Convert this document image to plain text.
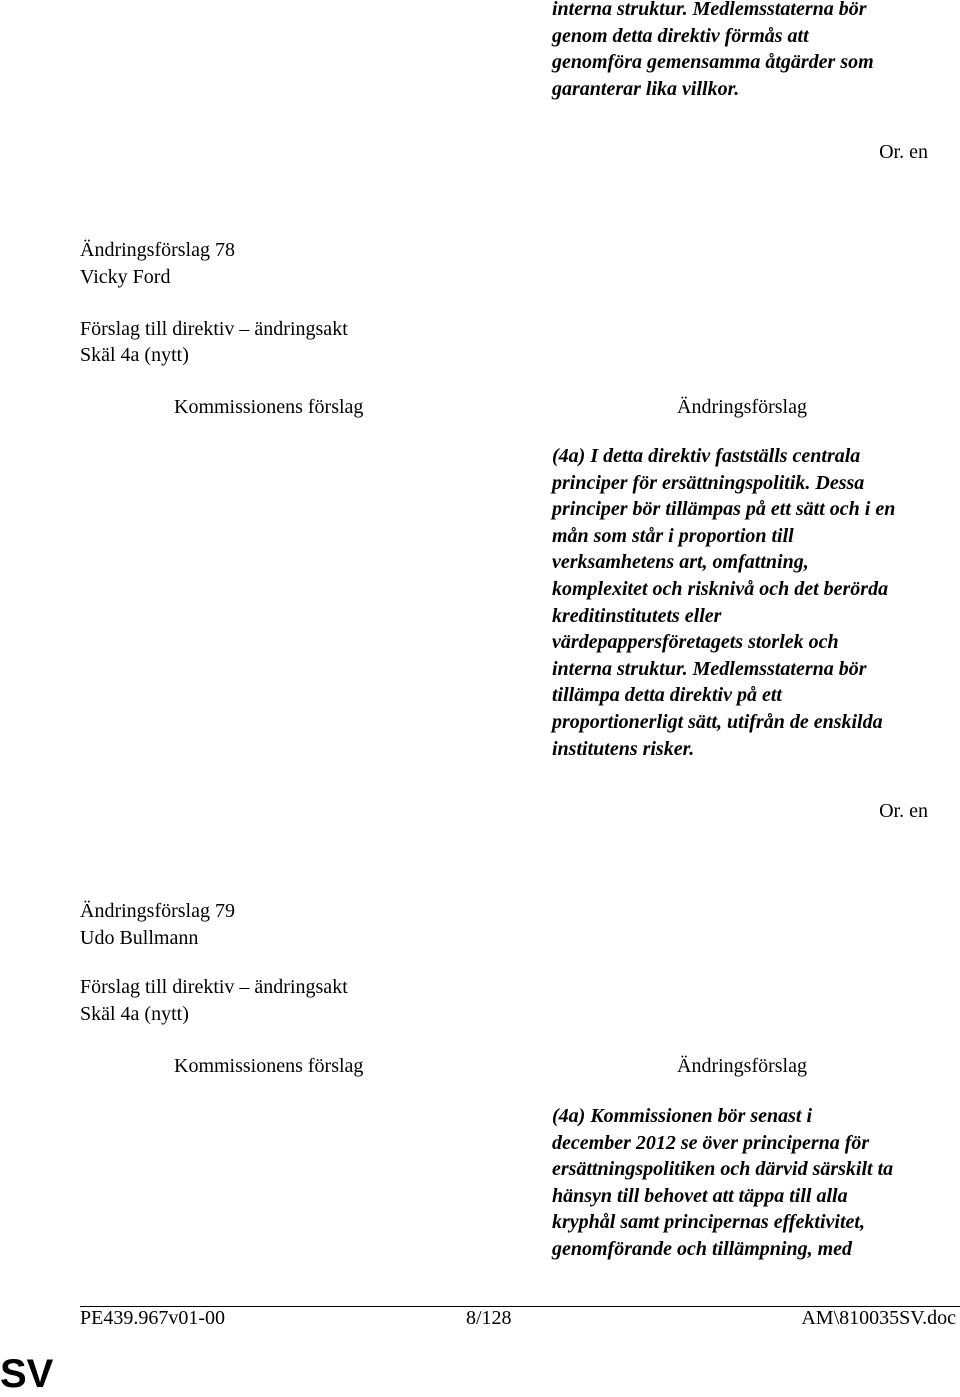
interna struktur. Medlemsstaterna bör
genom detta direktiv förmås att
genomföra gemensamma åtgärder som
garanterar lika villkor.
Or. en
Ändringsförslag 78
Vicky Ford
Förslag till direktiv – ändringsakt
Skäl 4a (nytt)
Kommissionens förslag	Ändringsförslag
(4a) I detta direktiv fastställs centrala
principer för ersättningspolitik. Dessa
principer bör tillämpas på ett sätt och i en
mån som står i proportion till
verksamhetens art, omfattning,
komplexitet och risknivå och det berörda
kreditinstitutets eller
värdepappersföretagets storlek och
interna struktur. Medlemsstaterna bör
tillämpa detta direktiv på ett
proportionerligt sätt, utifrån de enskilda
institutens risker.
Or. en
Ändringsförslag 79
Udo Bullmann
Förslag till direktiv – ändringsakt
Skäl 4a (nytt)
Kommissionens förslag	Ändringsförslag
(4a) Kommissionen bör senast i
december 2012 se över principerna för
ersättningspolitiken och därvid särskilt ta
hänsyn till behovet att täppa till alla
kryphål samt principernas effektivitet,
genomförande och tillämpning, med
PE439.967v01-00	8/128	AM\810035SV.doc
SV
